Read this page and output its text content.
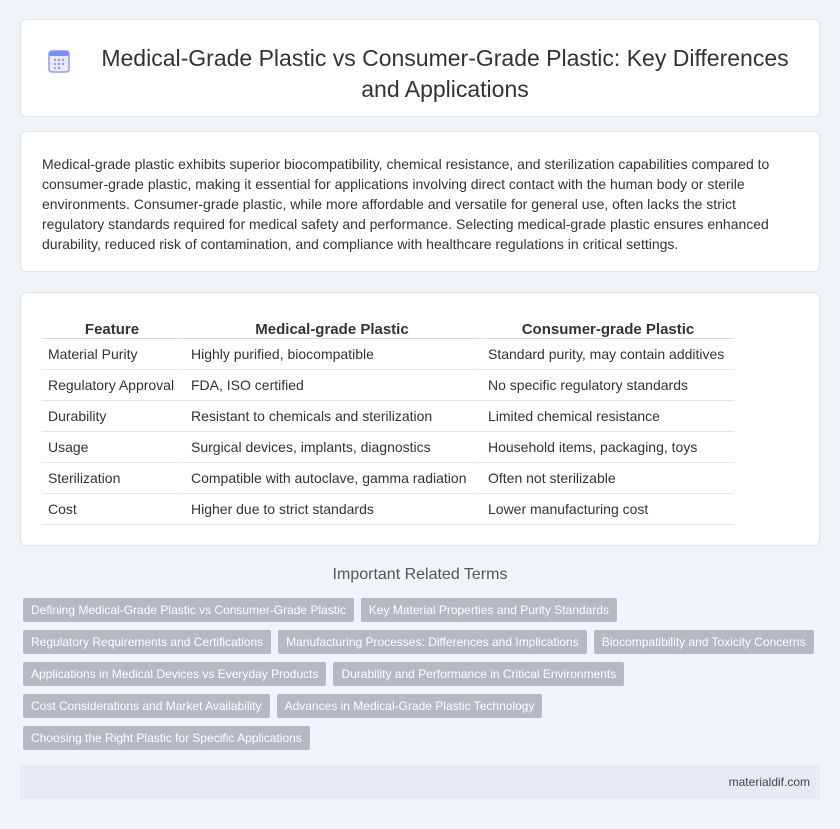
Medical-Grade Plastic vs Consumer-Grade Plastic: Key Differences and Applications

Medical-grade plastic exhibits superior biocompatibility, chemical resistance, and sterilization capabilities compared to consumer-grade plastic, making it essential for applications involving direct contact with the human body or sterile environments. Consumer-grade plastic, while more affordable and versatile for general use, often lacks the strict regulatory standards required for medical safety and performance. Selecting medical-grade plastic ensures enhanced durability, reduced risk of contamination, and compliance with healthcare regulations in critical settings.

Feature	Medical-grade Plastic	Consumer-grade Plastic
Material Purity	Highly purified, biocompatible	Standard purity, may contain additives
Regulatory Approval	FDA, ISO certified	No specific regulatory standards
Durability	Resistant to chemicals and sterilization	Limited chemical resistance
Usage	Surgical devices, implants, diagnostics	Household items, packaging, toys
Sterilization	Compatible with autoclave, gamma radiation	Often not sterilizable
Cost	Higher due to strict standards	Lower manufacturing cost
Important Related Terms
Defining Medical-Grade Plastic vs Consumer-Grade Plastic	Key Material Properties and Purity Standards
Regulatory Requirements and Certifications	Manufacturing Processes: Differences and Implications	Biocompatibility and Toxicity Concerns
Applications in Medical Devices vs Everyday Products	Durability and Performance in Critical Environments
Cost Considerations and Market Availability	Advances in Medical-Grade Plastic Technology
Choosing the Right Plastic for Specific Applications
materialdif.com
